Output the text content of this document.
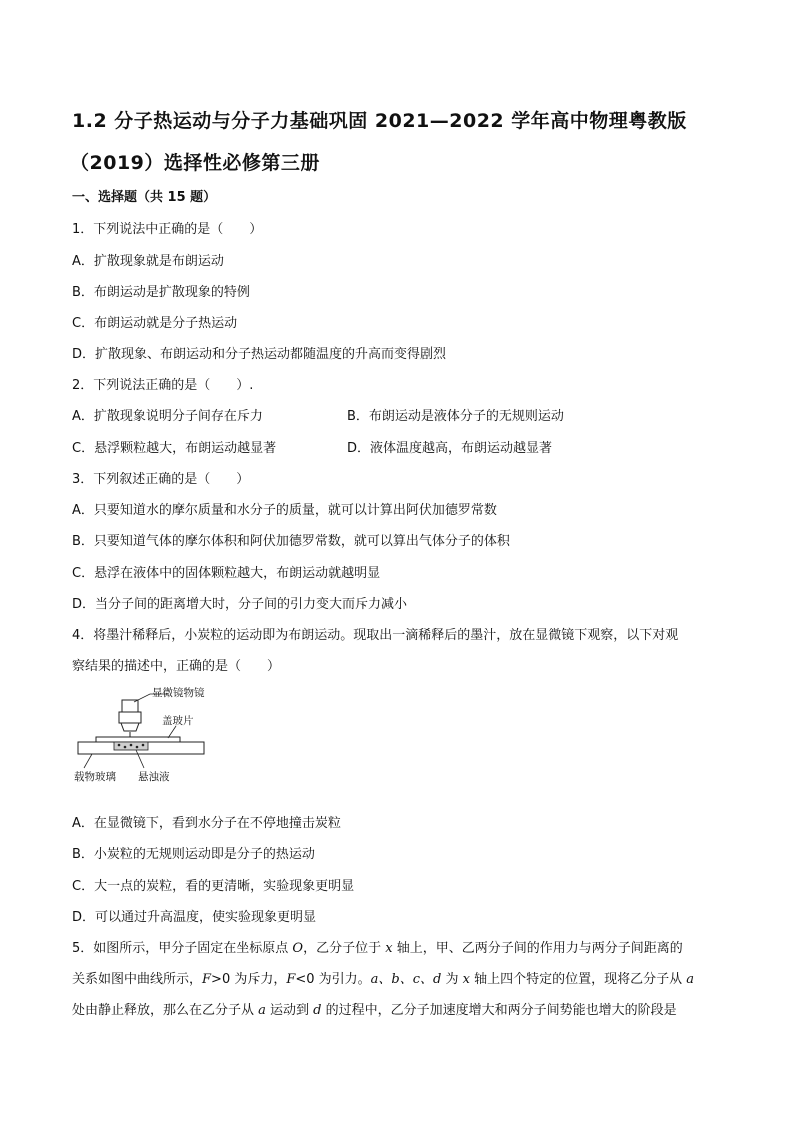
1.2 分子热运动与分子力基础巩固 2021—2022 学年高中物理粤教版
（2019）选择性必修第三册
一、选择题（共 15 题）
1．下列说法中正确的是（　　）
A．扩散现象就是布朗运动
B．布朗运动是扩散现象的特例
C．布朗运动就是分子热运动
D．扩散现象、布朗运动和分子热运动都随温度的升高而变得剧烈
2．下列说法正确的是（　　）.
A．扩散现象说明分子间存在斥力	B．布朗运动是液体分子的无规则运动
C．悬浮颗粒越大，布朗运动越显著	D．液体温度越高，布朗运动越显著
3．下列叙述正确的是（　　）
A．只要知道水的摩尔质量和水分子的质量，就可以计算出阿伏加德罗常数
B．只要知道气体的摩尔体积和阿伏加德罗常数，就可以算出气体分子的体积
C．悬浮在液体中的固体颗粒越大，布朗运动就越明显
D．当分子间的距离增大时，分子间的引力变大而斥力减小
4．将墨汁稀释后，小炭粒的运动即为布朗运动。现取出一滴稀释后的墨汁，放在显微镜下观察，以下对观
察结果的描述中，正确的是（　　）
显微镜物镜
盖玻片
载物玻璃 悬浊液
A．在显微镜下，看到水分子在不停地撞击炭粒
B．小炭粒的无规则运动即是分子的热运动
C．大一点的炭粒，看的更清晰，实验现象更明显
D．可以通过升高温度，使实验现象更明显
5．如图所示，甲分子固定在坐标原点 O，乙分子位于 x 轴上，甲、乙两分子间的作用力与两分子间距离的
关系如图中曲线所示，F>0 为斥力，F<0 为引力。a、b、c、d 为 x 轴上四个特定的位置，现将乙分子从 a
处由静止释放，那么在乙分子从 a 运动到 d 的过程中，乙分子加速度增大和两分子间势能也增大的阶段是
